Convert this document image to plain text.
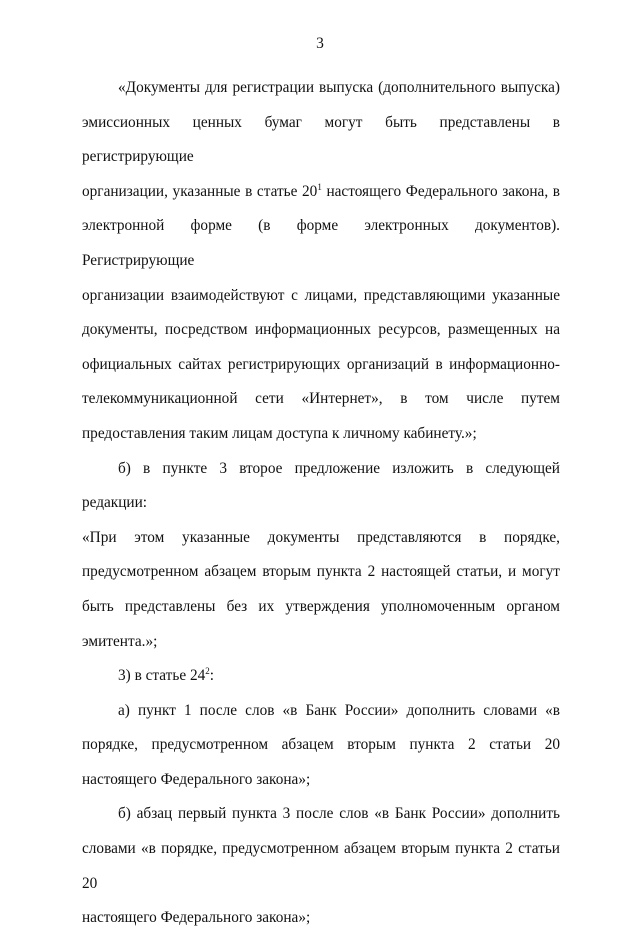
3
«Документы для регистрации выпуска (дополнительного выпуска)
эмиссионных ценных бумаг могут быть представлены в регистрирующие
организации, указанные в статье $20^1$ настоящего Федерального закона, в
электронной форме (в форме электронных документов). Регистрирующие
организации взаимодействуют с лицами, представляющими указанные
документы, посредством информационных ресурсов, размещенных на
официальных сайтах регистрирующих организаций в информационно-
телекоммуникационной сети «Интернет», в том числе путем
предоставления таким лицам доступа к личному кабинету.»;
б) в пункте 3 второе предложение изложить в следующей редакции:
«При этом указанные документы представляются в порядке,
предусмотренном абзацем вторым пункта 2 настоящей статьи, и могут
быть представлены без их утверждения уполномоченным органом
эмитента.»;
3) в статье $24^2$:
а) пункт 1 после слов «в Банк России» дополнить словами «в
порядке, предусмотренном абзацем вторым пункта 2 статьи 20
настоящего Федерального закона»;
б) абзац первый пункта 3 после слов «в Банк России» дополнить
словами «в порядке, предусмотренном абзацем вторым пункта 2 статьи 20
настоящего Федерального закона»;
